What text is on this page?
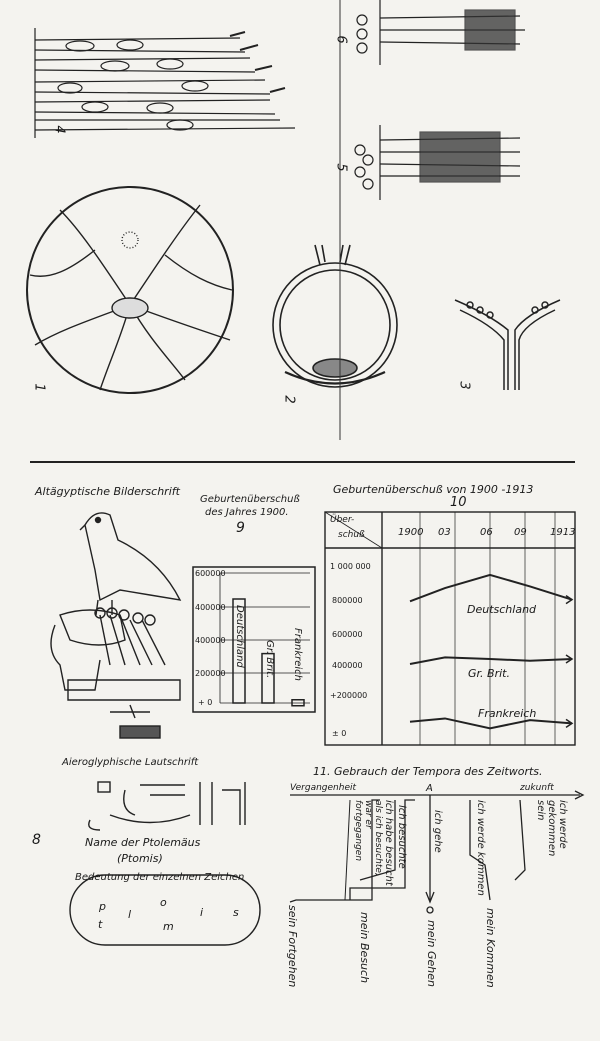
4
1
2
3
5
6
Altägyptische Bilderschrift
Aieroglyphische Lautschrift
8	Name der Ptolemäus
(Ptomis)
Bedeutung der einzelnen Zeichen
p
t
l
o
m
i	s
Geburtenüberschuß
des Jahres 1900.
9
600000
400000
400000
200000
+ 0
Deutschland Gr. Brit. Frankreich
Geburtenüberschuß von 1900 -1913
10
Über-
schuß	1900 03	06 09 1913
1 000 000
800000
600000
400000
+200000
± 0
Deutschland
Gr. Brit.
Frankreich
11. Gebrauch der Tempora des Zeitworts.
Vergangenheit	zukunft
A
als ich besuchte, war er fortgegangen	ich habe besucht ich besuchte	ich gehe	ich werde kommen	ich werde gekommen sein
sein Fortgehen	mein Besuch	mein Gehen	mein Kommen
